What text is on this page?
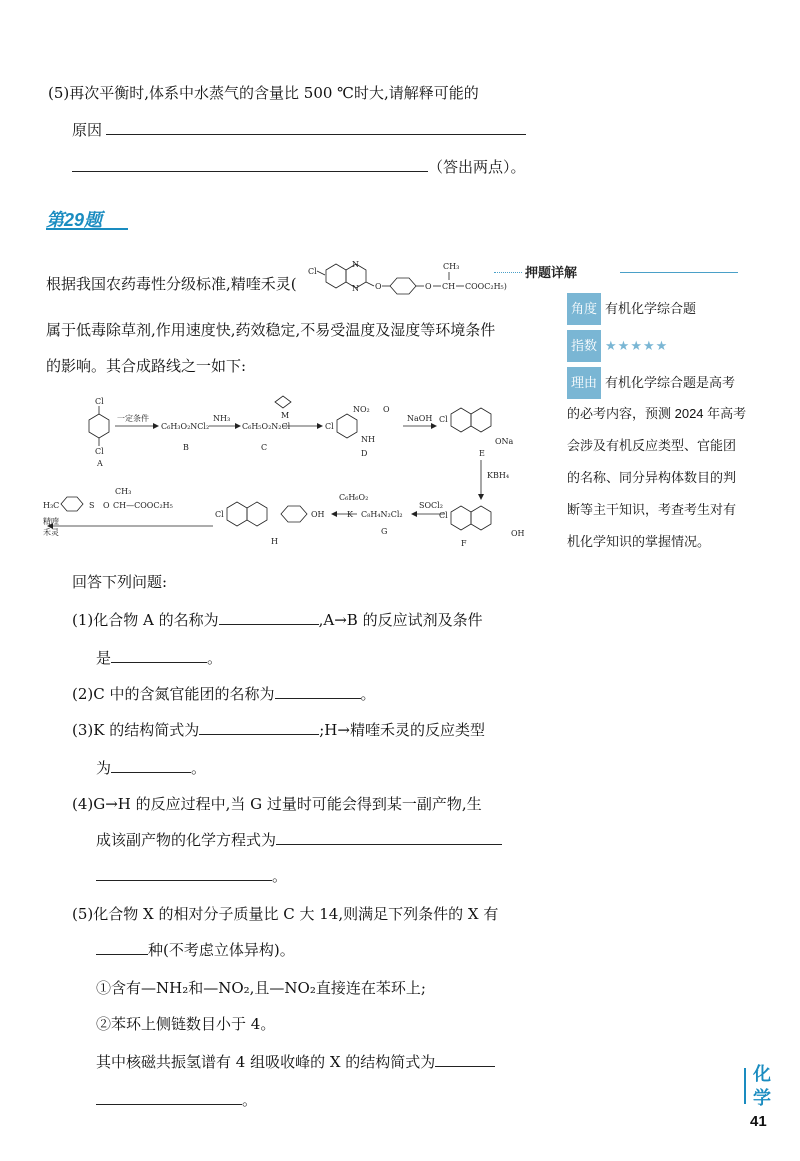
(5)再次平衡时,体系中水蒸气的含量比 500 ℃时大,请解释可能的
原因
（答出两点）。
第29题
押题详解
角度 有机化学综合题
指数 ★★★★★
理由 有机化学综合题是高考
的必考内容，预测 2024 年高考
会涉及有机反应类型、官能团
的名称、同分异构体数目的判
断等主干知识，考查考生对有
机化学知识的掌握情况。
根据我国农药毒性分级标准,精喹禾灵(
Cl
N
N O	O CH
CH₃
COOC₂H₅)
属于低毒除草剂,作用速度快,药效稳定,不易受温度及湿度等环境条件
的影响。其合成路线之一如下:
Cl
Cl
A
一定条件
C₆H₃O₂NCl₂
B
NH₃
C₆H₅O₂N₂Cl
C
M
Cl
NO₂ O
NH
D
NaOH Cl
ONa
E
KBH₄
Cl
OH
F
SOCl₂
C₈H₄N₂Cl₂
G
C₆H₆O₂
K
Cl	OH
H
H₃C	S O
CH₃
CH—COOC₂H₅
精喹
禾灵
回答下列问题:
(1)化合物 A 的名称为	,A→B 的反应试剂及条件
是	。
(2)C 中的含氮官能团的名称为	。
(3)K 的结构简式为	;H→精喹禾灵的反应类型
为	。
(4)G→H 的反应过程中,当 G 过量时可能会得到某一副产物,生
成该副产物的化学方程式为
。
(5)化合物 X 的相对分子质量比 C 大 14,则满足下列条件的 X 有
种(不考虑立体异构)。
①含有—NH₂和—NO₂,且—NO₂直接连在苯环上;
②苯环上侧链数目小于 4。
其中核磁共振氢谱有 4 组吸收峰的 X 的结构简式为
。
化
学
41
